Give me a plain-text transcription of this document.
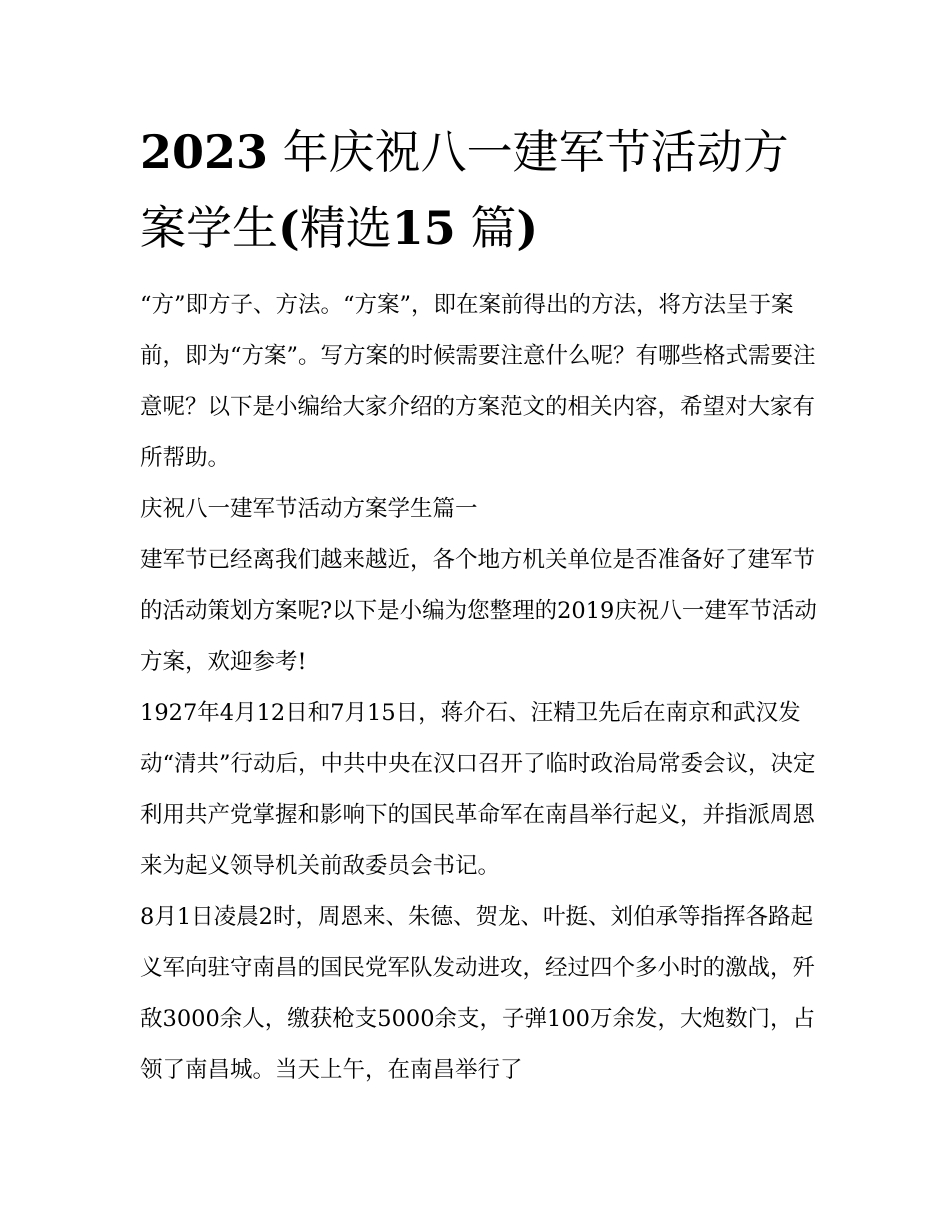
2023 年庆祝八一建军节活动方
案学生(精选15 篇)

“方”即方子、方法。“方案”，即在案前得出的方法，将方法呈于案前，即为“方案”。写方案的时候需要注意什么呢？有哪些格式需要注意呢？以下是小编给大家介绍的方案范文的相关内容，希望对大家有所帮助。

庆祝八一建军节活动方案学生篇一

建军节已经离我们越来越近，各个地方机关单位是否准备好了建军节的活动策划方案呢?以下是小编为您整理的2019庆祝八一建军节活动方案，欢迎参考!

1927年4月12日和7月15日，蒋介石、汪精卫先后在南京和武汉发动“清共”行动后，中共中央在汉口召开了临时政治局常委会议，决定利用共产党掌握和影响下的国民革命军在南昌举行起义，并指派周恩来为起义领导机关前敌委员会书记。

8月1日凌晨2时，周恩来、朱德、贺龙、叶挺、刘伯承等指挥各路起义军向驻守南昌的国民党军队发动进攻，经过四个多小时的激战，歼敌3000余人，缴获枪支5000余支，子弹100万余发，大炮数门，占领了南昌城。当天上午，在南昌举行了
